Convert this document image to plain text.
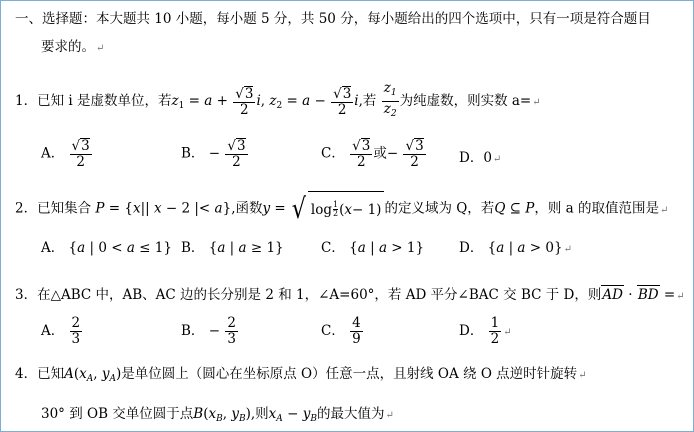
一、选择题：本大题共 10 小题，每小题 5 分，共 50 分，每小题给出的四个选项中，只有一项是符合题目
要求的。↵
1．已知 i 是虚数单位，若$z_1 = a + \frac{√3}{2} i$, $z_2 = a - \frac{√3}{2} i$,若 $\frac{z_1}{z_2}$ 为纯虚数，则实数 a=↵
A． $\frac{√3}{2}$	B． − $\frac{√3}{2}$	C． $\frac{√3}{2}$ 或− $\frac{√3}{2}$ D．0↵
2．已知集合 P = {x|| x − 2 |< a},函数y = √ log 1
2 ( x − 1) 的定义域为 Q，若Q ⊆ P，则 a 的取值范围是↵
A． {a | 0 < a ≤ 1} B． {a | a ≥ 1}	C． {a | a > 1}	D． {a | a > 0}↵
3．在△ABC 中，AB、AC 边的长分别是 2 和 1，∠A=60°，若 AD 平分∠BAC 交 BC 于 D，则AD · BD =↵
A． $\frac{2}{3}$	B． − $\frac{2}{3}$	C． $\frac{4}{9}$	D． $\frac{1}{2}$ ↵
4．已知$A(x_A$, $y_A$)是单位圆上（圆心在坐标原点 O）任意一点，且射线 OA 绕 O 点逆时针旋转↵
30° 到 OB 交单位圆于点$B(x_B$, $y_B$),则$x_A - y_B$的最大值为↵
